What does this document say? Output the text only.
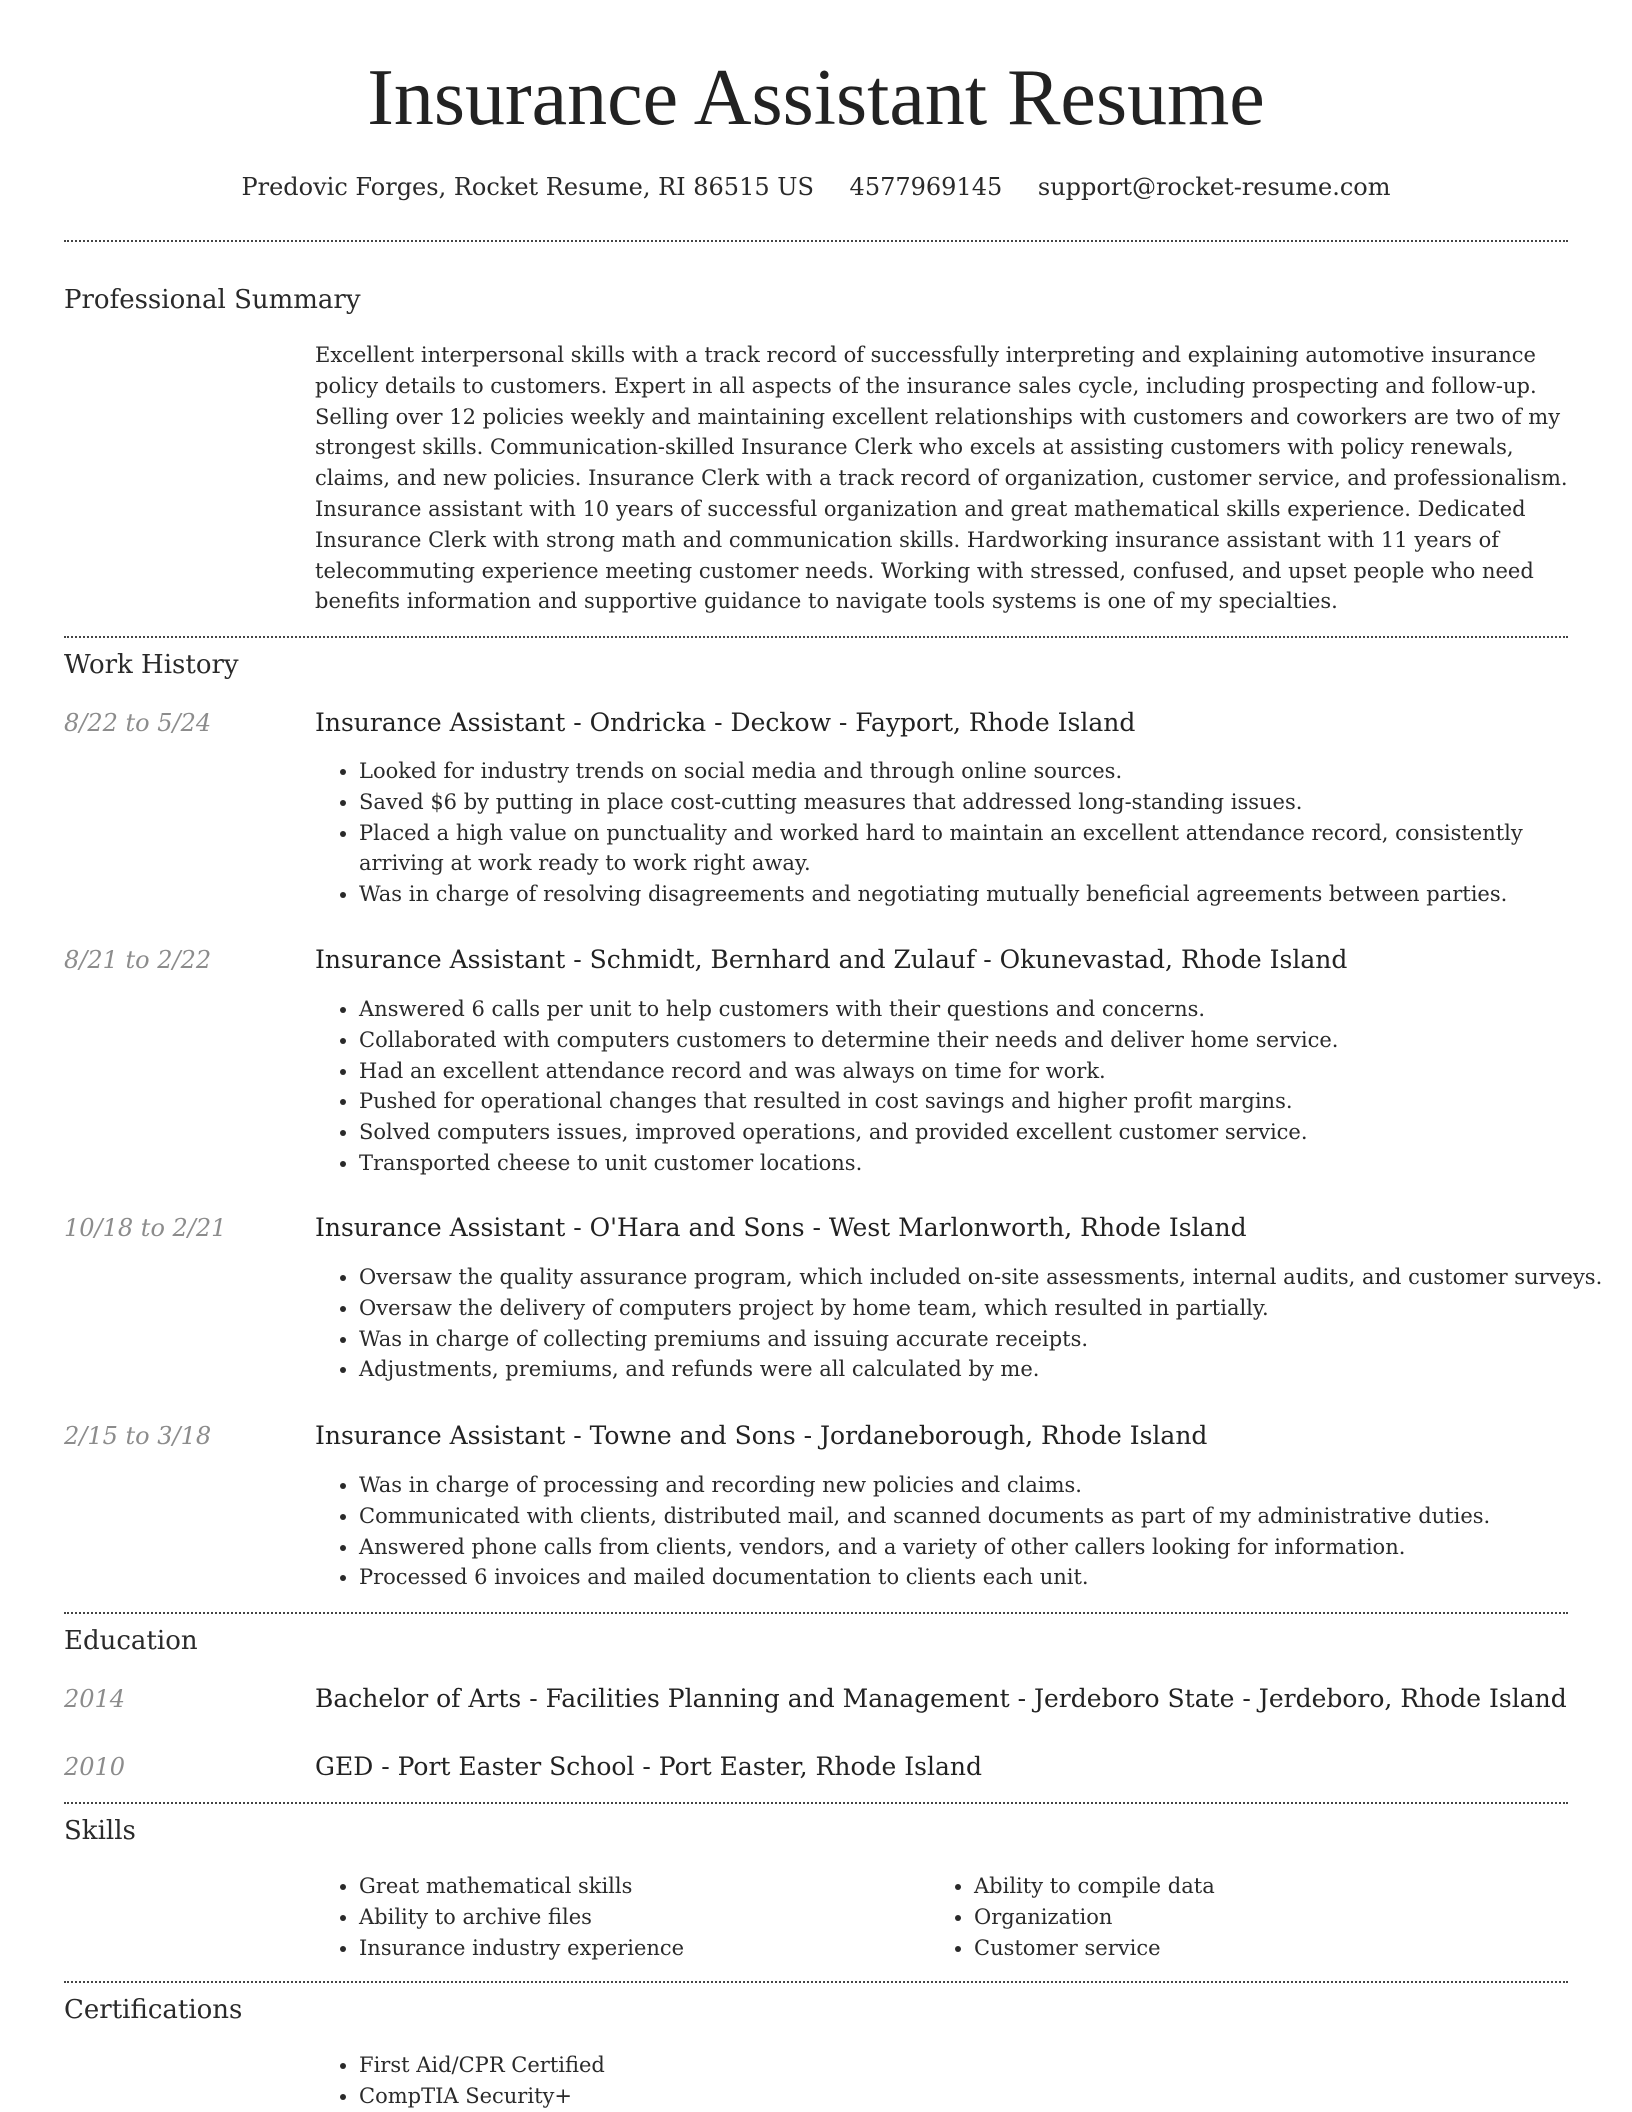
Insurance Assistant Resume
Predovic Forges, Rocket Resume, RI 86515 US 4577969145 support@rocket-resume.com
Professional Summary

Excellent interpersonal skills with a track record of successfully interpreting and explaining automotive insurance policy details to customers. Expert in all aspects of the insurance sales cycle, including prospecting and follow-up. Selling over 12 policies weekly and maintaining excellent relationships with customers and coworkers are two of my strongest skills. Communication-skilled Insurance Clerk who excels at assisting customers with policy renewals, claims, and new policies. Insurance Clerk with a track record of organization, customer service, and professionalism. Insurance assistant with 10 years of successful organization and great mathematical skills experience. Dedicated Insurance Clerk with strong math and communication skills. Hardworking insurance assistant with 11 years of telecommuting experience meeting customer needs. Working with stressed, confused, and upset people who need benefits information and supportive guidance to navigate tools systems is one of my specialties.

Work History
8/22 to 5/24	Insurance Assistant - Ondricka - Deckow - Fayport, Rhode Island
• Looked for industry trends on social media and through online sources.
• Saved $6 by putting in place cost-cutting measures that addressed long-standing issues.
• Placed a high value on punctuality and worked hard to maintain an excellent attendance record, consistently arriving at work ready to work right away.
• Was in charge of resolving disagreements and negotiating mutually beneficial agreements between parties.
8/21 to 2/22	Insurance Assistant - Schmidt, Bernhard and Zulauf - Okunevastad, Rhode Island
• Answered 6 calls per unit to help customers with their questions and concerns.
• Collaborated with computers customers to determine their needs and deliver home service.
• Had an excellent attendance record and was always on time for work.
• Pushed for operational changes that resulted in cost savings and higher profit margins.
• Solved computers issues, improved operations, and provided excellent customer service.
• Transported cheese to unit customer locations.
10/18 to 2/21	Insurance Assistant - O'Hara and Sons - West Marlonworth, Rhode Island
• Oversaw the quality assurance program, which included on-site assessments, internal audits, and customer surveys.
• Oversaw the delivery of computers project by home team, which resulted in partially.
• Was in charge of collecting premiums and issuing accurate receipts.
• Adjustments, premiums, and refunds were all calculated by me.
2/15 to 3/18	Insurance Assistant - Towne and Sons - Jordaneborough, Rhode Island
• Was in charge of processing and recording new policies and claims.
• Communicated with clients, distributed mail, and scanned documents as part of my administrative duties.
• Answered phone calls from clients, vendors, and a variety of other callers looking for information.
• Processed 6 invoices and mailed documentation to clients each unit.
Education
2014	Bachelor of Arts - Facilities Planning and Management - Jerdeboro State - Jerdeboro, Rhode Island
2010	GED - Port Easter School - Port Easter, Rhode Island
Skills
• Great mathematical skills
• Ability to archive files
• Insurance industry experience
• Ability to compile data
• Organization
• Customer service
Certifications
• First Aid/CPR Certified
• CompTIA Security+
